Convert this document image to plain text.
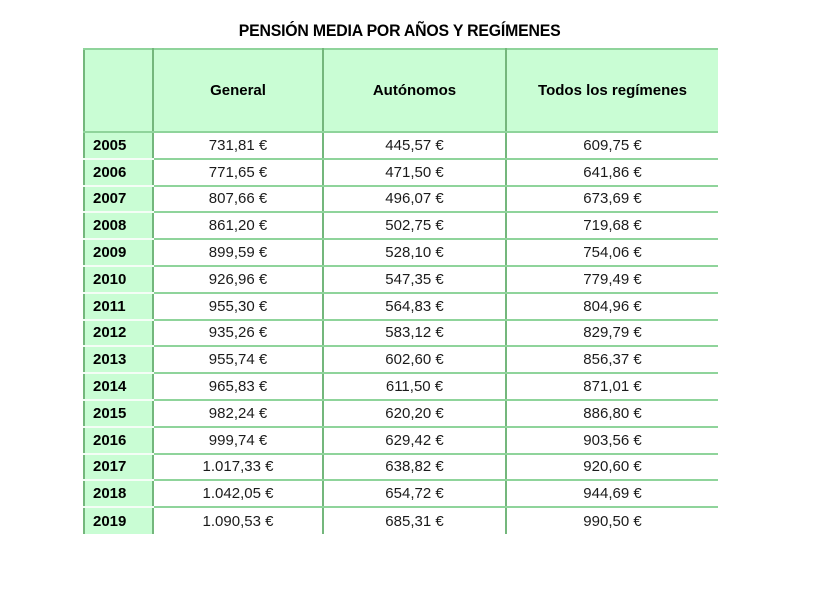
PENSIÓN MEDIA POR AÑOS Y REGÍMENES
	General	Autónomos	Todos los regímenes
2005	731,81 €	445,57 €	609,75 €
2006	771,65 €	471,50 €	641,86 €
2007	807,66 €	496,07 €	673,69 €
2008	861,20 €	502,75 €	719,68 €
2009	899,59 €	528,10 €	754,06 €
2010	926,96 €	547,35 €	779,49 €
2011	955,30 €	564,83 €	804,96 €
2012	935,26 €	583,12 €	829,79 €
2013	955,74 €	602,60 €	856,37 €
2014	965,83 €	611,50 €	871,01 €
2015	982,24 €	620,20 €	886,80 €
2016	999,74 €	629,42 €	903,56 €
2017	1.017,33 €	638,82 €	920,60 €
2018	1.042,05 €	654,72 €	944,69 €
2019	1.090,53 €	685,31 €	990,50 €
